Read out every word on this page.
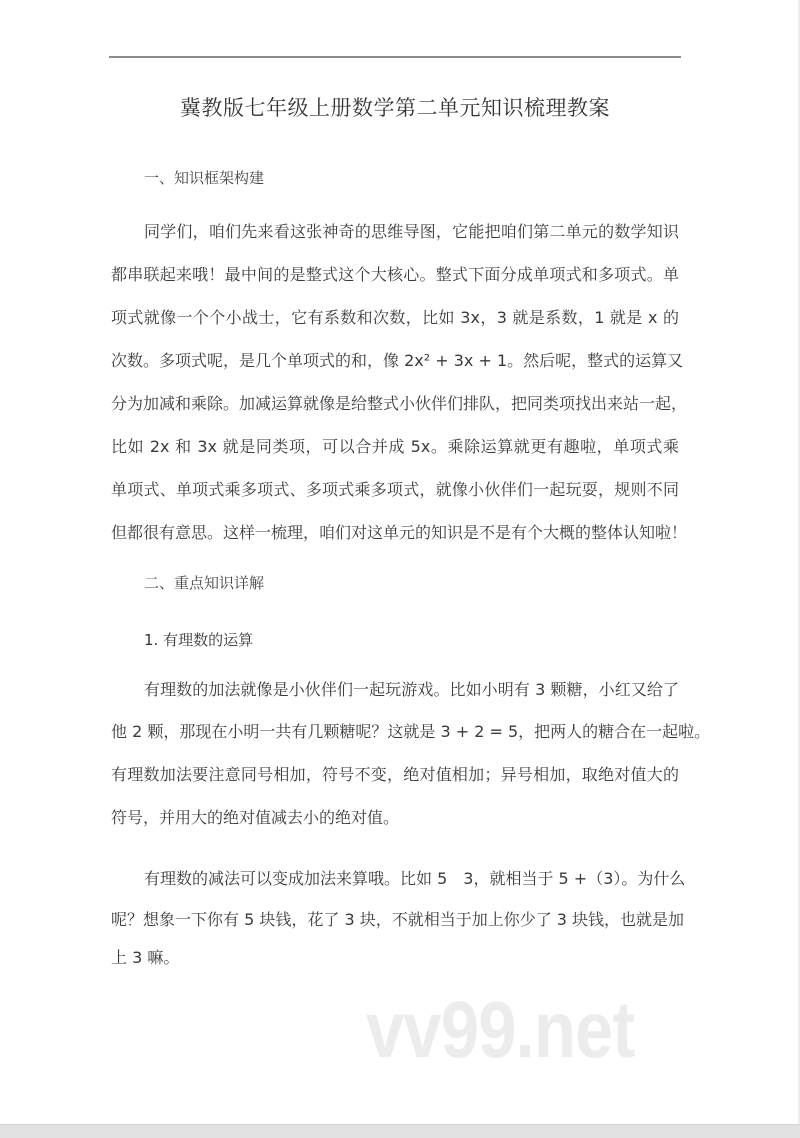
冀教版七年级上册数学第二单元知识梳理教案
一、知识框架构建
同学们，咱们先来看这张神奇的思维导图，它能把咱们第二单元的数学知识
都串联起来哦！最中间的是整式这个大核心。整式下面分成单项式和多项式。单
项式就像一个个小战士，它有系数和次数，比如 3x，3 就是系数，1 就是 x 的
次数。多项式呢，是几个单项式的和，像 2x² + 3x + 1。然后呢，整式的运算又
分为加减和乘除。加减运算就像是给整式小伙伴们排队，把同类项找出来站一起，
比如 2x 和 3x 就是同类项，可以合并成 5x。乘除运算就更有趣啦，单项式乘
单项式、单项式乘多项式、多项式乘多项式，就像小伙伴们一起玩耍，规则不同
但都很有意思。这样一梳理，咱们对这单元的知识是不是有个大概的整体认知啦！
二、重点知识详解
1. 有理数的运算
有理数的加法就像是小伙伴们一起玩游戏。比如小明有 3 颗糖，小红又给了
他 2 颗，那现在小明一共有几颗糖呢？这就是 3 + 2 = 5，把两人的糖合在一起啦。
有理数加法要注意同号相加，符号不变，绝对值相加；异号相加，取绝对值大的
符号，并用大的绝对值减去小的绝对值。
有理数的减法可以变成加法来算哦。比如 5　3，就相当于 5 +（3）。为什么
呢？想象一下你有 5 块钱，花了 3 块，不就相当于加上你少了 3 块钱，也就是加
上 3 嘛。
vv99.net
